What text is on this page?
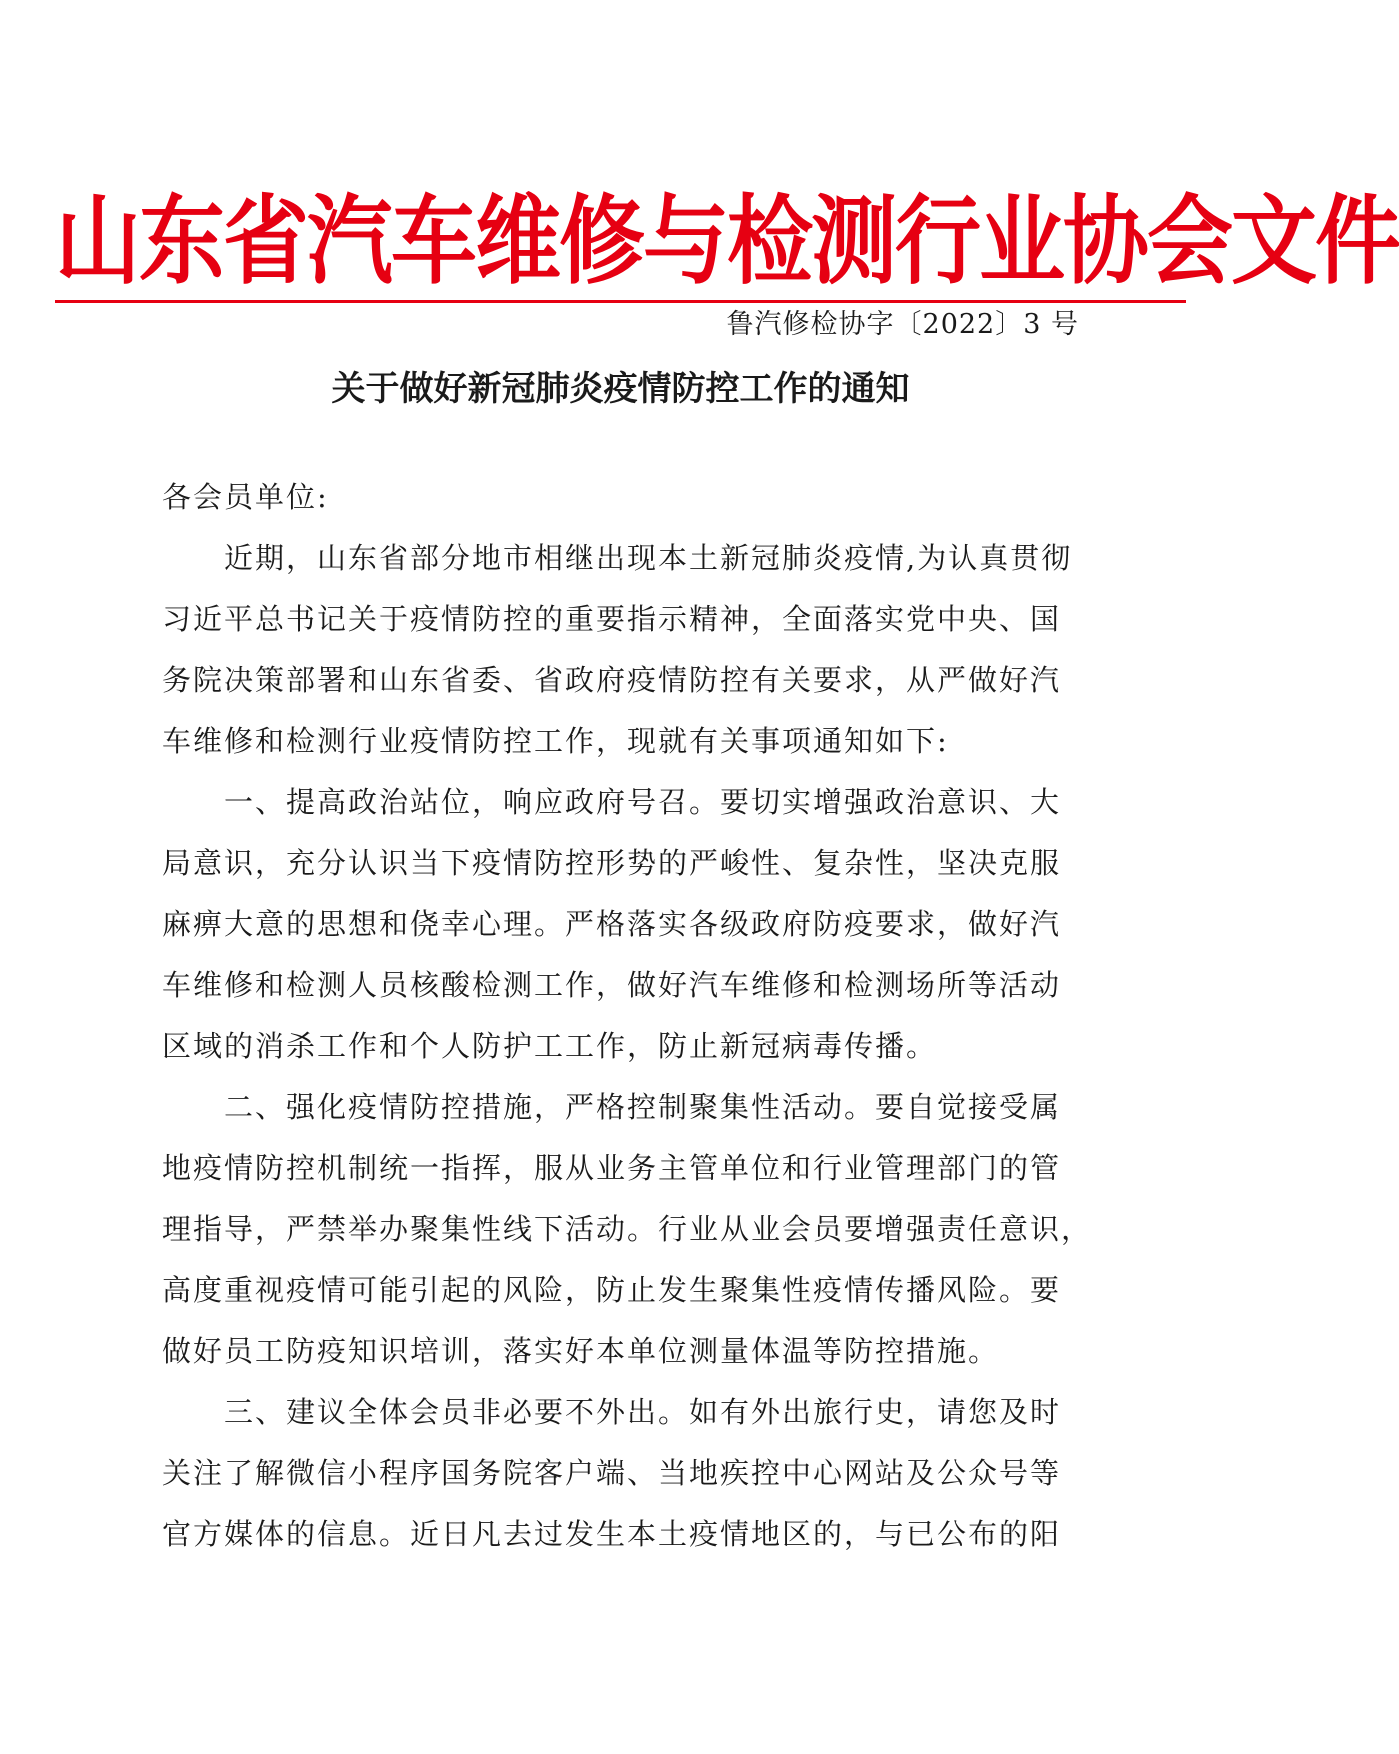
山东省汽车维修与检测行业协会文件
鲁汽修检协字〔2022〕3 号
关于做好新冠肺炎疫情防控工作的通知

各会员单位:

　　近期，山东省部分地市相继出现本土新冠肺炎疫情,为认真贯彻
习近平总书记关于疫情防控的重要指示精神，全面落实党中央、国
务院决策部署和山东省委、省政府疫情防控有关要求，从严做好汽
车维修和检测行业疫情防控工作，现就有关事项通知如下:

　　一、提高政治站位，响应政府号召。要切实增强政治意识、大
局意识，充分认识当下疫情防控形势的严峻性、复杂性，坚决克服
麻痹大意的思想和侥幸心理。严格落实各级政府防疫要求，做好汽
车维修和检测人员核酸检测工作，做好汽车维修和检测场所等活动
区域的消杀工作和个人防护工工作，防止新冠病毒传播。

　　二、强化疫情防控措施，严格控制聚集性活动。要自觉接受属
地疫情防控机制统一指挥，服从业务主管单位和行业管理部门的管
理指导，严禁举办聚集性线下活动。行业从业会员要增强责任意识，
高度重视疫情可能引起的风险，防止发生聚集性疫情传播风险。要
做好员工防疫知识培训，落实好本单位测量体温等防控措施。

　　三、建议全体会员非必要不外出。如有外出旅行史，请您及时
关注了解微信小程序国务院客户端、当地疾控中心网站及公众号等
官方媒体的信息。近日凡去过发生本土疫情地区的，与已公布的阳
